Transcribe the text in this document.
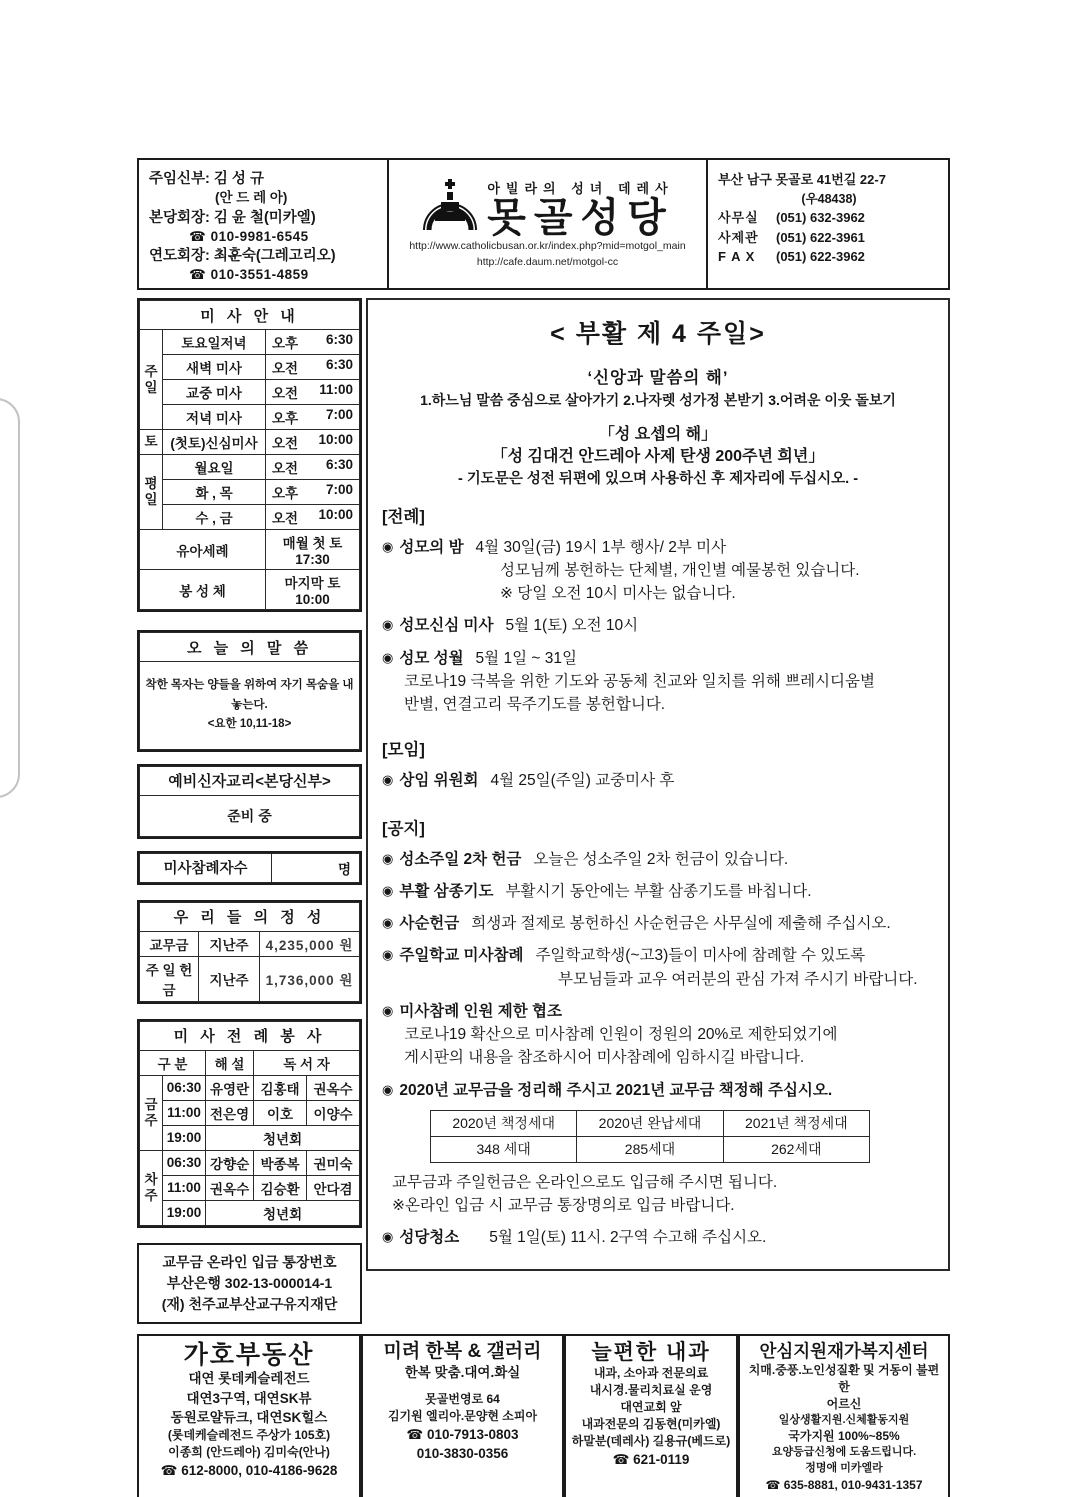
주임신부: 김 성 규
(안 드 레 아)
본당회장: 김 윤 철(미카엘)
☎ 010-9981-6545
연도회장: 최훈숙(그레고리오)
☎ 010-3551-4859
아빌라의 성녀 데레사
못골성당
http://www.catholicbusan.or.kr/index.php?mid=motgol_main
http://cafe.daum.net/motgol-cc
부산 남구 못골로 41번길 22-7
(우48438)
사무실	(051) 632-3962
사제관	(051) 622-3961
F A X	(051) 622-3962
미 사 안 내		
주일	토요일저녁	오후 6:30

	새벽 미사	오전 6:30

	교중 미사	오전 11:00

	저녁 미사	오후 7:00

토	(첫토)신심미사	오전 10:00

평일	월요일	오전 6:30

	화 , 목	오후 7:00

	수 , 금	오전 10:00

유아세례		매월 첫 토 17:30
봉 성 체		마지막 토 10:00
오 늘 의 말 씀
착한 목자는 양들을 위하여 자기 목숨을 내놓는다.
<요한 10,11-18>
예비신자교리<본당신부>
준비 중
미사참례자수	명
우 리 들 의 정 성		
교무금	지난주	4,235,000 원
주 일 헌 금	지난주	1,736,000 원
미 사 전 례 봉 사				
구 분		해 설	독 서 자	
금주	06:30	유영란	김홍태	권옥수
	11:00	전은영	이호	이양수
	19:00	청년회		
차주	06:30	강향순	박종복	권미숙
	11:00	권옥수	김승환	안다겸
	19:00	청년회		
교무금 온라인 입금 통장번호
부산은행 302-13-000014-1
(재) 천주교부산교구유지재단
< 부활 제 4 주일>
‘신앙과 말씀의 해’
1.하느님 말씀 중심으로 살아가기 2.나자렛 성가정 본받기 3.어려운 이웃 돌보기
「성 요셉의 해」
「성 김대건 안드레아 사제 탄생 200주년 희년」
- 기도문은 성전 뒤편에 있으며 사용하신 후 제자리에 두십시오. -
[전례]
◉ 성모의 밤 4월 30일(금) 19시 1부 행사/ 2부 미사
성모님께 봉헌하는 단체별, 개인별 예물봉헌 있습니다.
※ 당일 오전 10시 미사는 없습니다.
◉ 성모신심 미사 5월 1(토) 오전 10시
◉ 성모 성월 5월 1일 ~ 31일
코로나19 극복을 위한 기도와 공동체 친교와 일치를 위해 쁘레시디움별
반별, 연결고리 묵주기도를 봉헌합니다.
[모임]
◉ 상임 위원회 4월 25일(주일) 교중미사 후
[공지]
◉ 성소주일 2차 헌금 오늘은 성소주일 2차 헌금이 있습니다.
◉ 부활 삼종기도 부활시기 동안에는 부활 삼종기도를 바칩니다.
◉ 사순헌금 희생과 절제로 봉헌하신 사순헌금은 사무실에 제출해 주십시오.
◉ 주일학교 미사참례 주일학교학생(~고3)들이 미사에 참례할 수 있도록
부모님들과 교우 여러분의 관심 가져 주시기 바랍니다.
◉ 미사참례 인원 제한 협조
코로나19 확산으로 미사참례 인원이 정원의 20%로 제한되었기에
게시판의 내용을 참조하시어 미사참례에 임하시길 바랍니다.
◉ 2020년 교무금을 정리해 주시고 2021년 교무금 책정해 주십시오.
2020년 책정세대	2020년 완납세대	2021년 책정세대
348 세대	285세대	262세대
교무금과 주일헌금은 온라인으로도 입금해 주시면 됩니다.
※온라인 입금 시 교무금 통장명의로 입금 바랍니다.
◉ 성당청소	5월 1일(토) 11시. 2구역 수고해 주십시오.
가호부동산
대연 롯데케슬레전드
대연3구역, 대연SK뷰
동원로얄듀크, 대연SK힐스
(롯데케슬레전드 주상가 105호)
이종희 (안드레아) 김미숙(안나)
☎ 612-8000, 010-4186-9628
미려 한복 & 갤러리
한복 맞춤.대여.화실
못골번영로 64
김기원 엘리아.문양현 소피아
☎ 010-7913-0803
010-3830-0356
늘편한 내과
내과, 소아과 전문의료
내시경.물리치료실 운영
대연교회 앞
내과전문의 김동현(미카엘)
하말분(데레사) 길용규(베드로)
☎ 621-0119
안심지원재가복지센터
치매.중풍.노인성질환 및 거동이 불편한
어르신
일상생활지원.신체활동지원
국가지원 100%~85%
요양등급신청에 도움드립니다.
정명애 미카엘라
☎ 635-8881, 010-9431-1357
